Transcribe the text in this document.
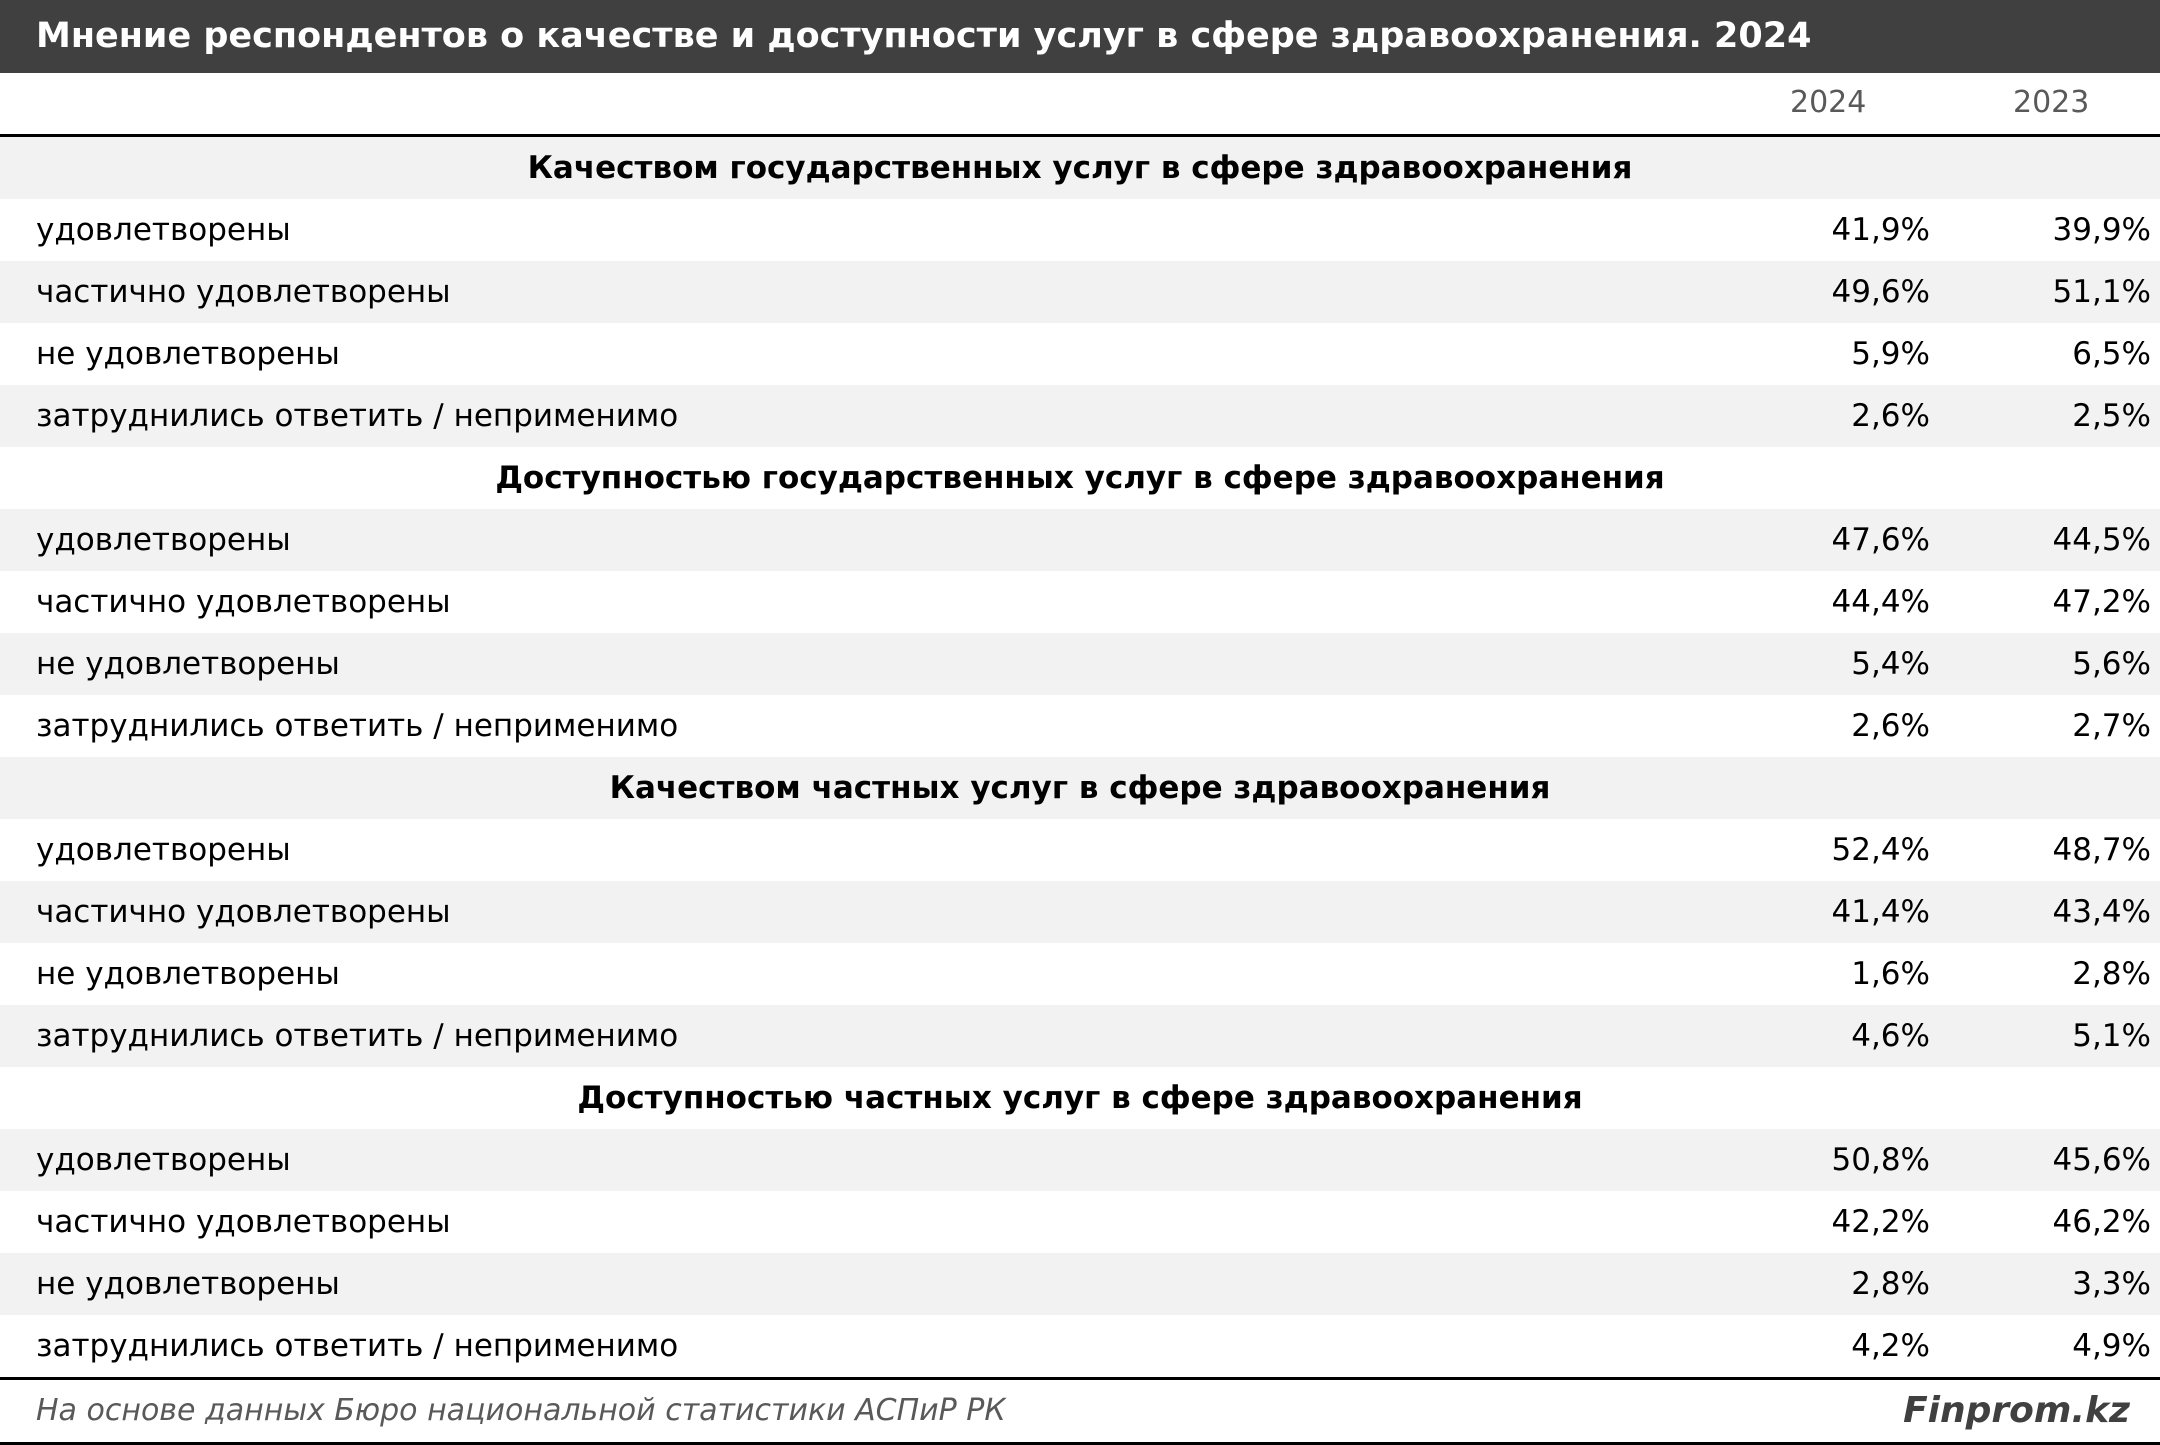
Мнение респондентов о качестве и доступности услуг в сфере здравоохранения. 2024
2024	2023
Качеством государственных услуг в сфере здравоохранения
удовлетворены	41,9%	39,9%
частично удовлетворены	49,6%	51,1%
не удовлетворены	5,9%	6,5%
затруднились ответить / неприменимо	2,6%	2,5%
Доступностью государственных услуг в сфере здравоохранения
удовлетворены	47,6%	44,5%
частично удовлетворены	44,4%	47,2%
не удовлетворены	5,4%	5,6%
затруднились ответить / неприменимо	2,6%	2,7%
Качеством частных услуг в сфере здравоохранения
удовлетворены	52,4%	48,7%
частично удовлетворены	41,4%	43,4%
не удовлетворены	1,6%	2,8%
затруднились ответить / неприменимо	4,6%	5,1%
Доступностью частных услуг в сфере здравоохранения
удовлетворены	50,8%	45,6%
частично удовлетворены	42,2%	46,2%
не удовлетворены	2,8%	3,3%
затруднились ответить / неприменимо	4,2%	4,9%
На основе данных Бюро национальной статистики АСПиР РК	Finprom.kz
